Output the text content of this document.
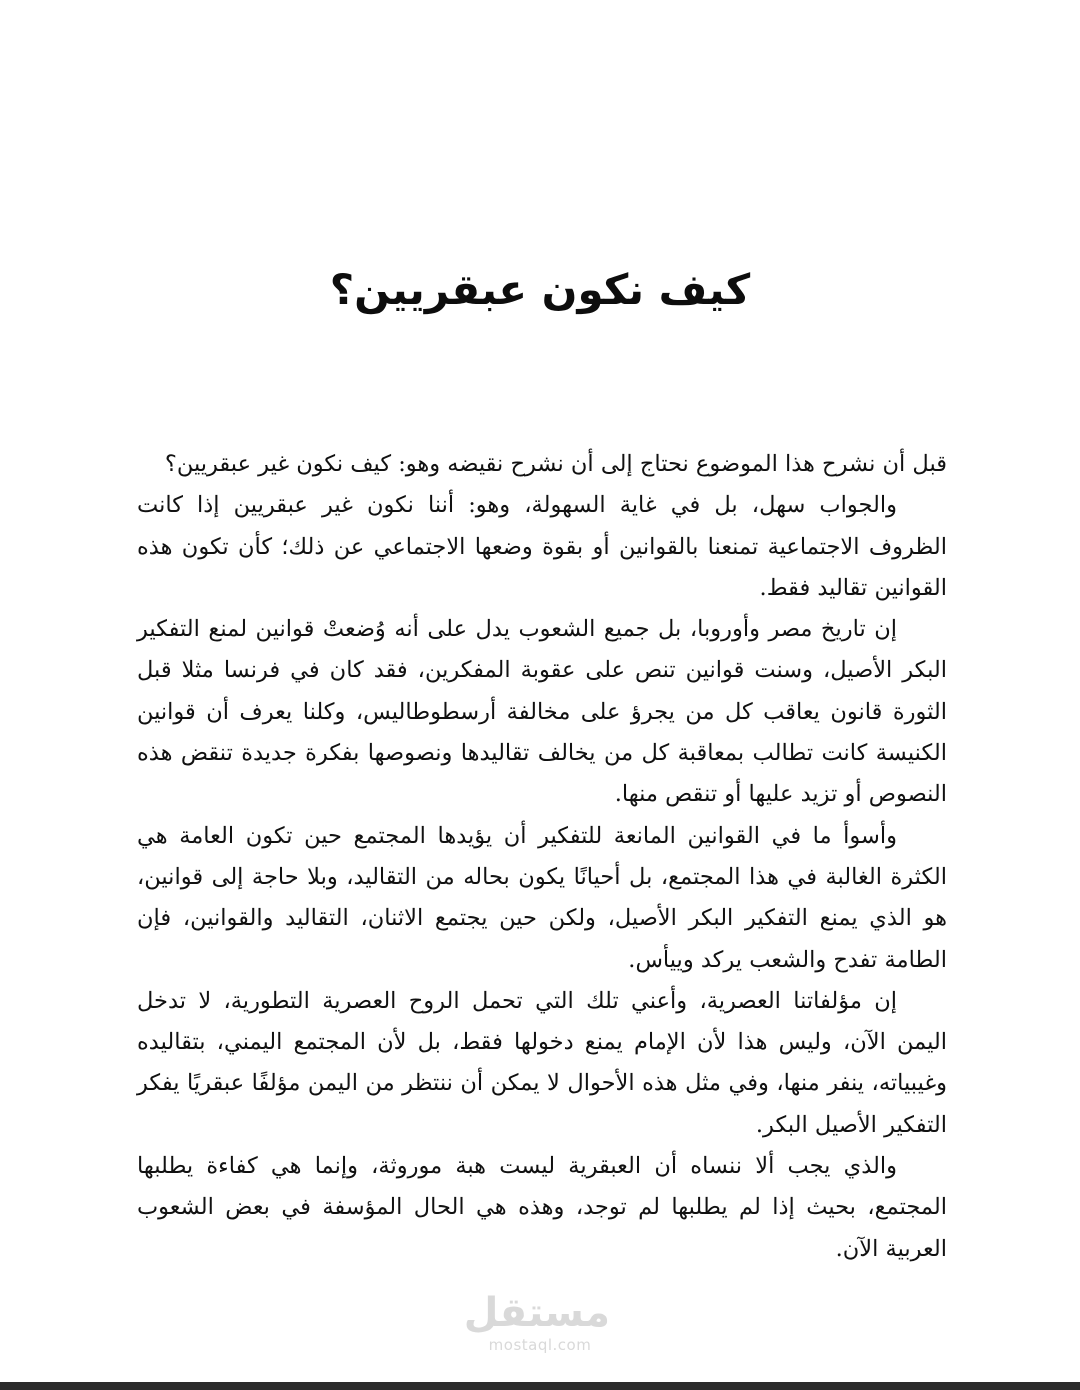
كيف نكون عبقريين؟

قبل أن نشرح هذا الموضوع نحتاج إلى أن نشرح نقيضه وهو: كيف نكون غير عبقريين؟

والجواب سهل، بل في غاية السهولة، وهو: أننا نكون غير عبقريين إذا كانت الظروف الاجتماعية تمنعنا بالقوانين أو بقوة وضعها الاجتماعي عن ذلك؛ كأن تكون هذه القوانين تقاليد فقط.

إن تاريخ مصر وأوروبا، بل جميع الشعوب يدل على أنه وُضعتْ قوانين لمنع التفكير البكر الأصيل، وسنت قوانين تنص على عقوبة المفكرين، فقد كان في فرنسا مثلا قبل الثورة قانون يعاقب كل من يجرؤ على مخالفة أرسطوطاليس، وكلنا يعرف أن قوانين الكنيسة كانت تطالب بمعاقبة كل من يخالف تقاليدها ونصوصها بفكرة جديدة تنقض هذه النصوص أو تزيد عليها أو تنقص منها.

وأسوأ ما في القوانين المانعة للتفكير أن يؤيدها المجتمع حين تكون العامة هي الكثرة الغالبة في هذا المجتمع، بل أحيانًا يكون بحاله من التقاليد، وبلا حاجة إلى قوانين، هو الذي يمنع التفكير البكر الأصيل، ولكن حين يجتمع الاثنان، التقاليد والقوانين، فإن الطامة تفدح والشعب يركد وييأس.

إن مؤلفاتنا العصرية، وأعني تلك التي تحمل الروح العصرية التطورية، لا تدخل اليمن الآن، وليس هذا لأن الإمام يمنع دخولها فقط، بل لأن المجتمع اليمني، بتقاليده وغيبياته، ينفر منها، وفي مثل هذه الأحوال لا يمكن أن ننتظر من اليمن مؤلفًا عبقريًا يفكر التفكير الأصيل البكر.

والذي يجب ألا ننساه أن العبقرية ليست هبة موروثة، وإنما هي كفاءة يطلبها المجتمع، بحيث إذا لم يطلبها لم توجد، وهذه هي الحال المؤسفة في بعض الشعوب العربية الآن.

مستقل
mostaql.com
